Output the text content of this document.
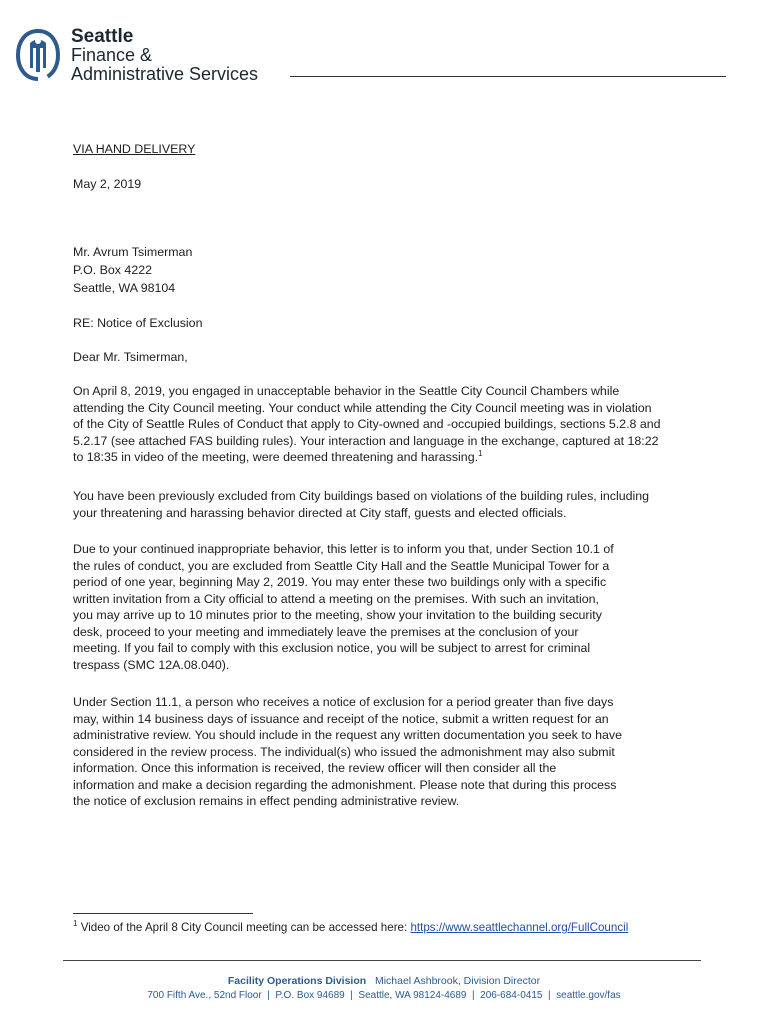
Seattle
Finance &
Administrative Services
VIA HAND DELIVERY
May 2, 2019
Mr. Avrum Tsimerman
P.O. Box 4222
Seattle, WA 98104
RE: Notice of Exclusion
Dear Mr. Tsimerman,
On April 8, 2019, you engaged in unacceptable behavior in the Seattle City Council Chambers while
attending the City Council meeting. Your conduct while attending the City Council meeting was in violation
of the City of Seattle Rules of Conduct that apply to City-owned and -occupied buildings, sections 5.2.8 and
5.2.17 (see attached FAS building rules). Your interaction and language in the exchange, captured at 18:22
to 18:35 in video of the meeting, were deemed threatening and harassing.$^1$
You have been previously excluded from City buildings based on violations of the building rules, including
your threatening and harassing behavior directed at City staff, guests and elected officials.
Due to your continued inappropriate behavior, this letter is to inform you that, under Section 10.1 of
the rules of conduct, you are excluded from Seattle City Hall and the Seattle Municipal Tower for a
period of one year, beginning May 2, 2019. You may enter these two buildings only with a specific
written invitation from a City official to attend a meeting on the premises. With such an invitation,
you may arrive up to 10 minutes prior to the meeting, show your invitation to the building security
desk, proceed to your meeting and immediately leave the premises at the conclusion of your
meeting. If you fail to comply with this exclusion notice, you will be subject to arrest for criminal
trespass (SMC 12A.08.040).
Under Section 11.1, a person who receives a notice of exclusion for a period greater than five days
may, within 14 business days of issuance and receipt of the notice, submit a written request for an
administrative review. You should include in the request any written documentation you seek to have
considered in the review process. The individual(s) who issued the admonishment may also submit
information. Once this information is received, the review officer will then consider all the
information and make a decision regarding the admonishment. Please note that during this process
the notice of exclusion remains in effect pending administrative review.
$^1$ Video of the April 8 City Council meeting can be accessed here: https://www.seattlechannel.org/FullCouncil
Facility Operations Division Michael Ashbrook, Division Director
700 Fifth Ave., 52nd Floor  |  P.O. Box 94689  |  Seattle, WA 98124-4689  |  206-684-0415  |  seattle.gov/fas
